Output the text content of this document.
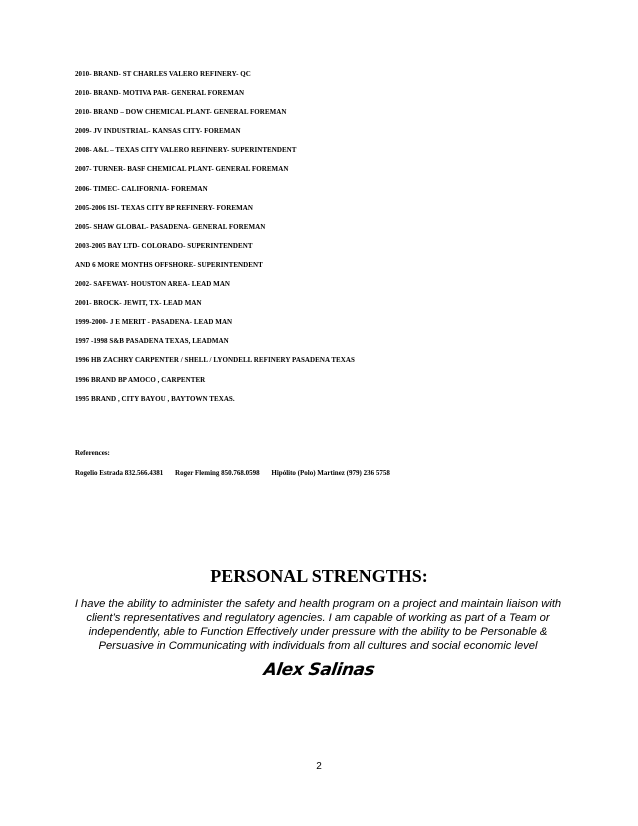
2010- BRAND- ST CHARLES VALERO REFINERY- QC
2010- BRAND- MOTIVA PAR- GENERAL FOREMAN
2010- BRAND – DOW CHEMICAL PLANT- GENERAL FOREMAN
2009- JV INDUSTRIAL- KANSAS CITY- FOREMAN
2008- A&L – TEXAS CITY VALERO REFINERY- SUPERINTENDENT
2007- TURNER- BASF CHEMICAL PLANT- GENERAL FOREMAN
2006- TIMEC- CALIFORNIA- FOREMAN
2005-2006 ISI- TEXAS CITY BP REFINERY- FOREMAN
2005- SHAW GLOBAL- PASADENA- GENERAL FOREMAN
2003-2005 BAY LTD- COLORADO- SUPERINTENDENT
AND 6 MORE MONTHS OFFSHORE- SUPERINTENDENT
2002- SAFEWAY- HOUSTON AREA- LEAD MAN
2001- BROCK- JEWIT, TX- LEAD MAN
1999-2000- J E MERIT - PASADENA- LEAD MAN
1997 -1998 S&B PASADENA TEXAS, LEADMAN
1996 HB ZACHRY CARPENTER / SHELL / LYONDELL REFINERY PASADENA TEXAS
1996 BRAND BP AMOCO , CARPENTER
1995 BRAND , CITY BAYOU , BAYTOWN TEXAS.
References:
Rogelio Estrada 832.566.4381 Roger Fleming 850.768.0598 Hipólito (Polo) Martinez (979) 236 5758
PERSONAL STRENGTHS:
I have the ability to administer the safety and health program on a project and maintain liaison with client’s representatives and regulatory agencies. I am capable of working as part of a Team or independently, able to Function Effectively under pressure with the ability to be Personable & Persuasive in Communicating with individuals from all cultures and social economic level
Alex Salinas
2
